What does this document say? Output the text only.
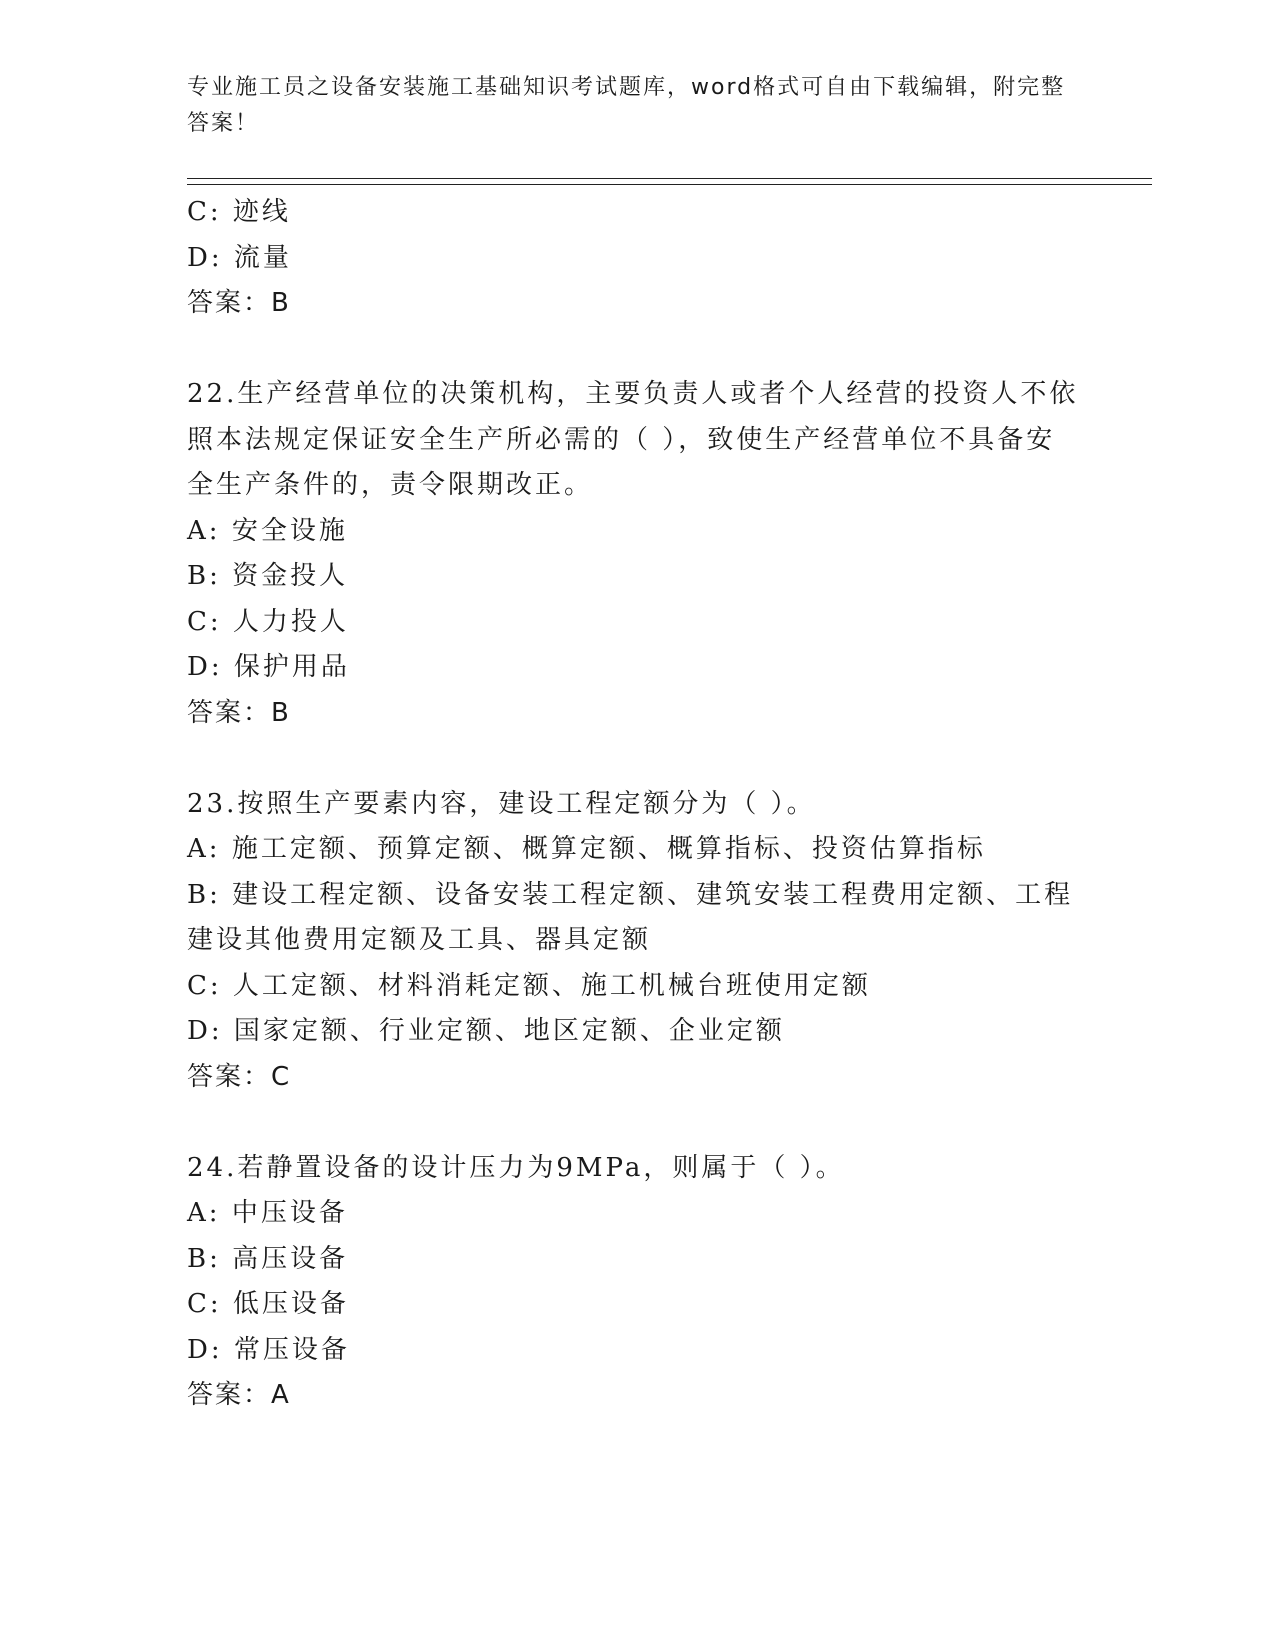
专业施工员之设备安装施工基础知识考试题库，word格式可自由下载编辑，附完整答案！
C: 迹线
D: 流量
答案：B
22.生产经营单位的决策机构，主要负责人或者个人经营的投资人不依
照本法规定保证安全生产所必需的（ ），致使生产经营单位不具备安
全生产条件的，责令限期改正。
A: 安全设施
B: 资金投人
C: 人力投人
D: 保护用品
答案：B
23.按照生产要素内容，建设工程定额分为（ ）。
A: 施工定额、预算定额、概算定额、概算指标、投资估算指标
B: 建设工程定额、设备安装工程定额、建筑安装工程费用定额、工程
建设其他费用定额及工具、器具定额
C: 人工定额、材料消耗定额、施工机械台班使用定额
D: 国家定额、行业定额、地区定额、企业定额
答案：C
24.若静置设备的设计压力为9MPa，则属于（ ）。
A: 中压设备
B: 高压设备
C: 低压设备
D: 常压设备
答案：A
